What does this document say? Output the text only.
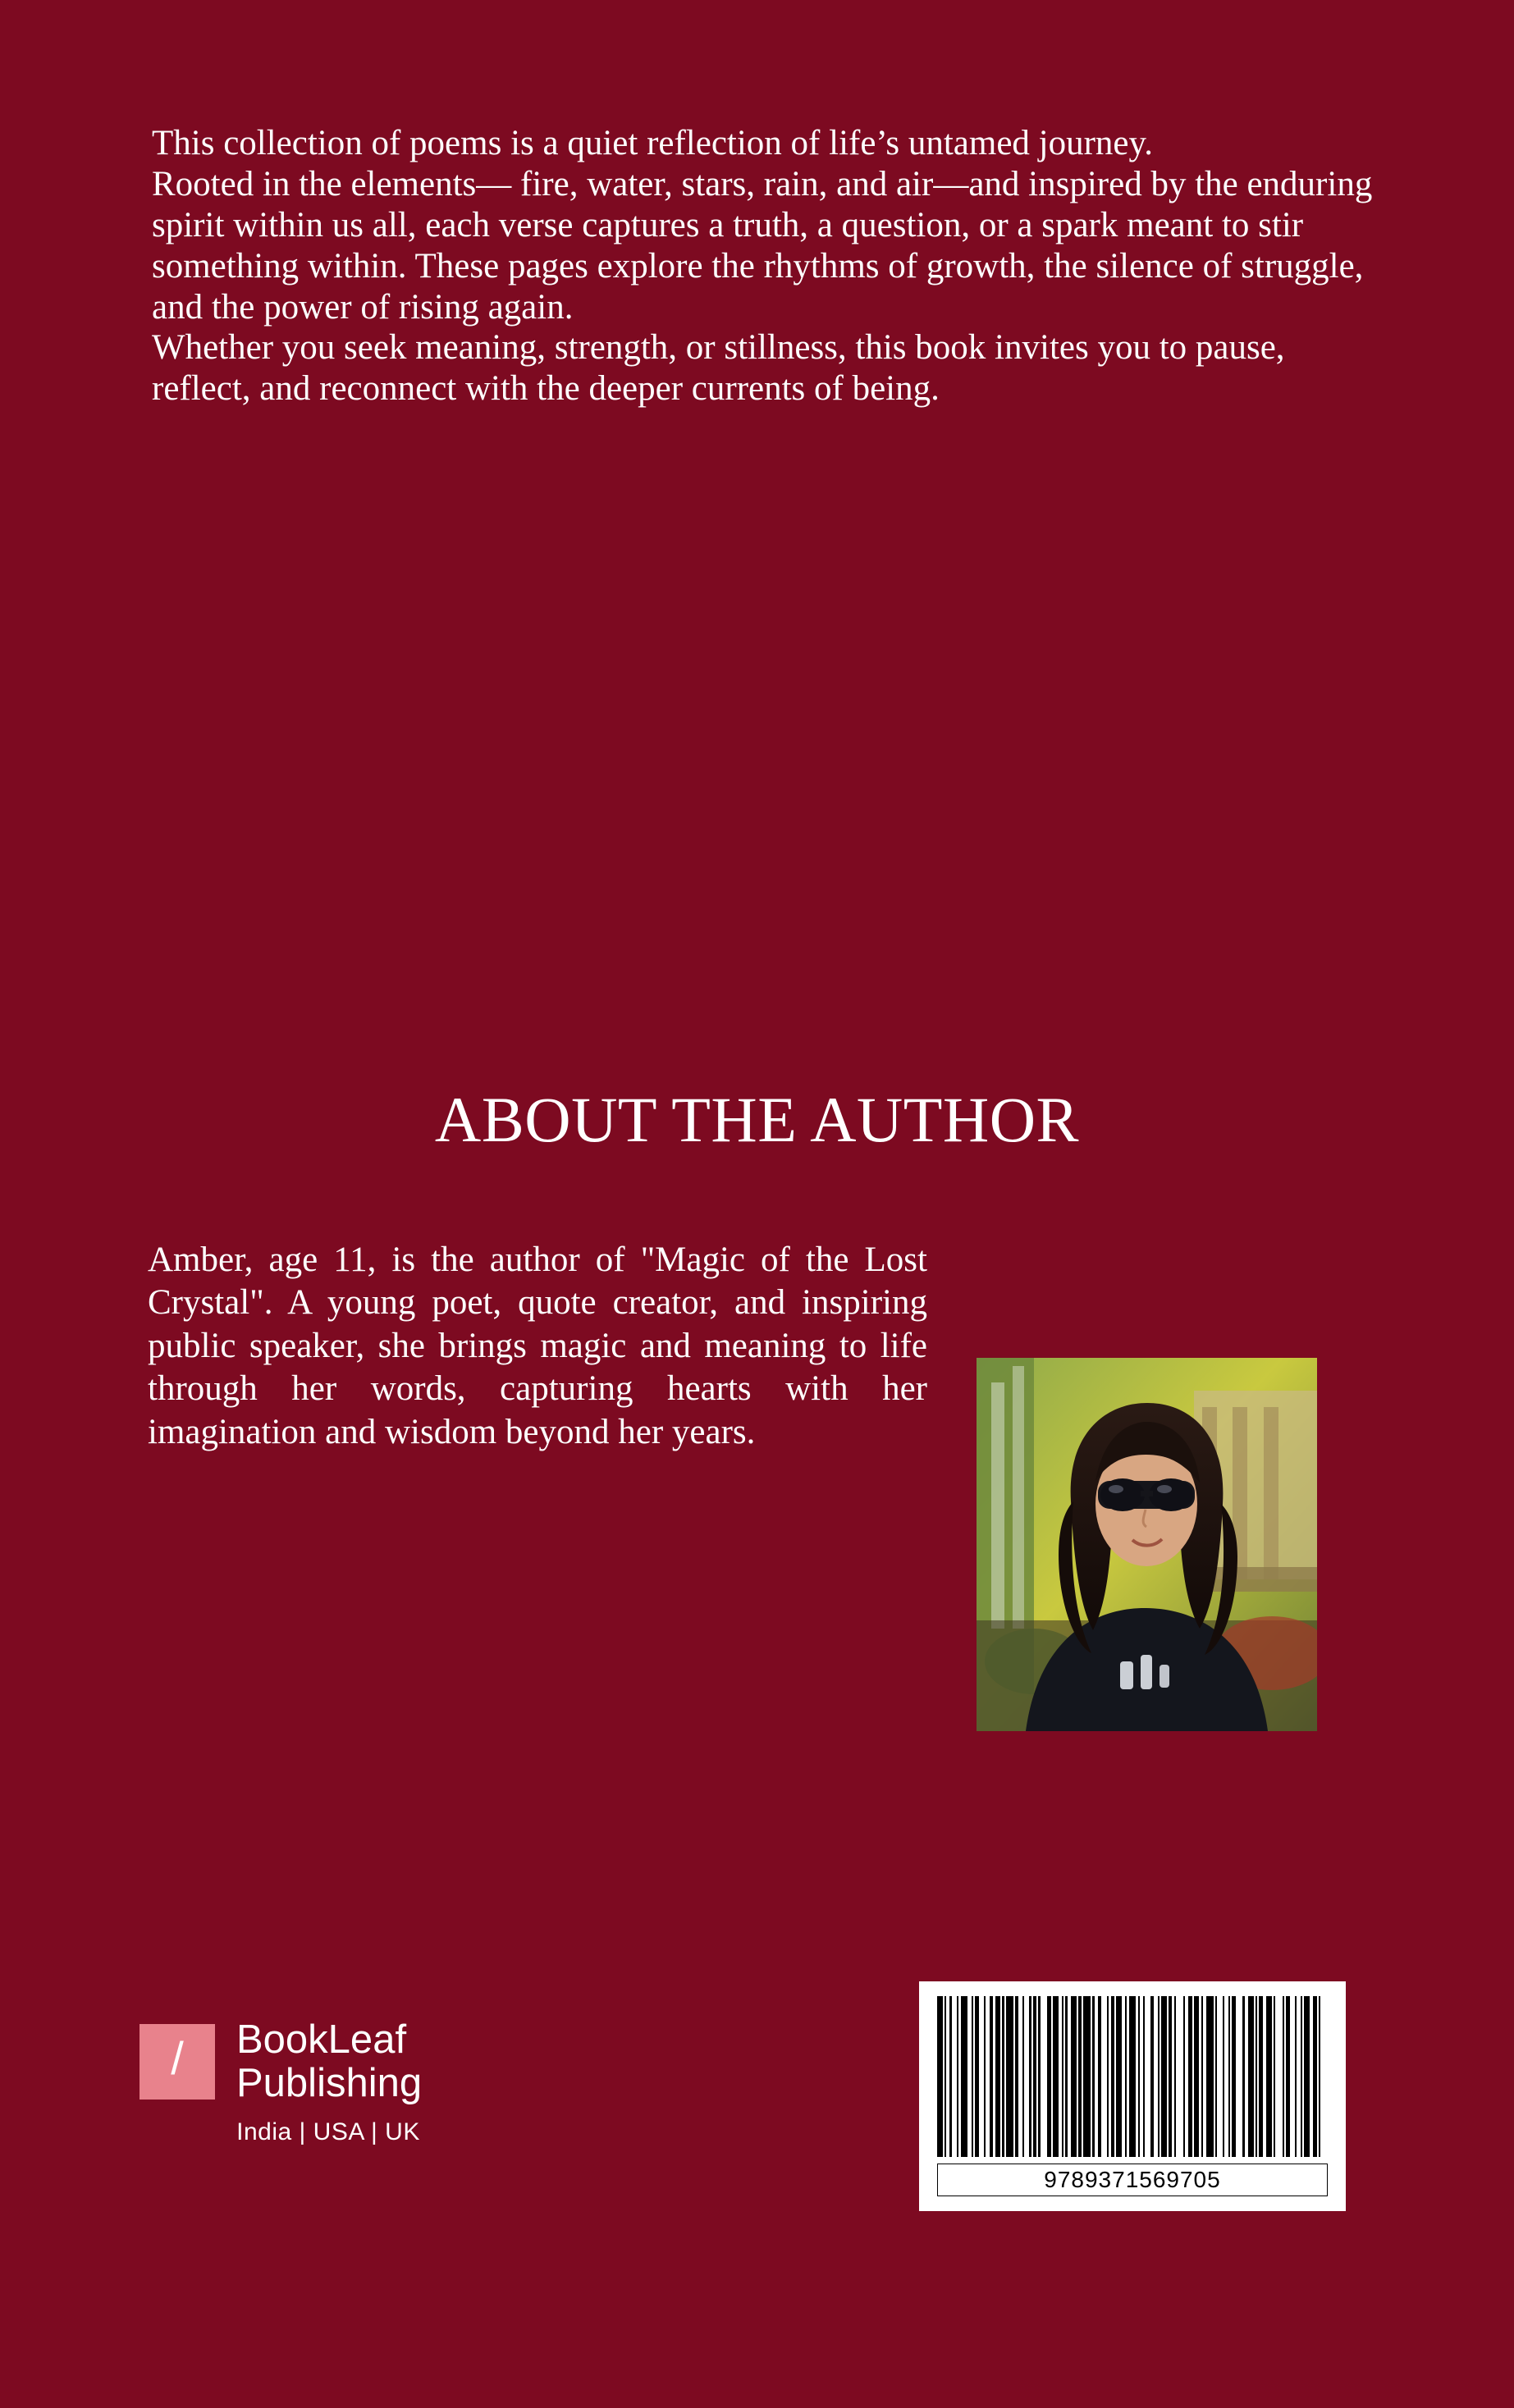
This collection of poems is a quiet reflection of life’s untamed journey.

Rooted in the elements— fire, water, stars, rain, and air—and inspired by the enduring spirit within us all, each verse captures a truth, a question, or a spark meant to stir something within. These pages explore the rhythms of growth, the silence of struggle, and the power of rising again.

Whether you seek meaning, strength, or stillness, this book invites you to pause, reflect, and reconnect with the deeper currents of being.

ABOUT THE AUTHOR
Amber, age 11, is the author of "Magic of the Lost Crystal". A young poet, quote creator, and inspiring public speaker, she brings magic and meaning to life through her words, capturing hearts with her imagination and wisdom beyond her years.
/ BookLeaf
Publishing
India | USA | UK
9789371569705
